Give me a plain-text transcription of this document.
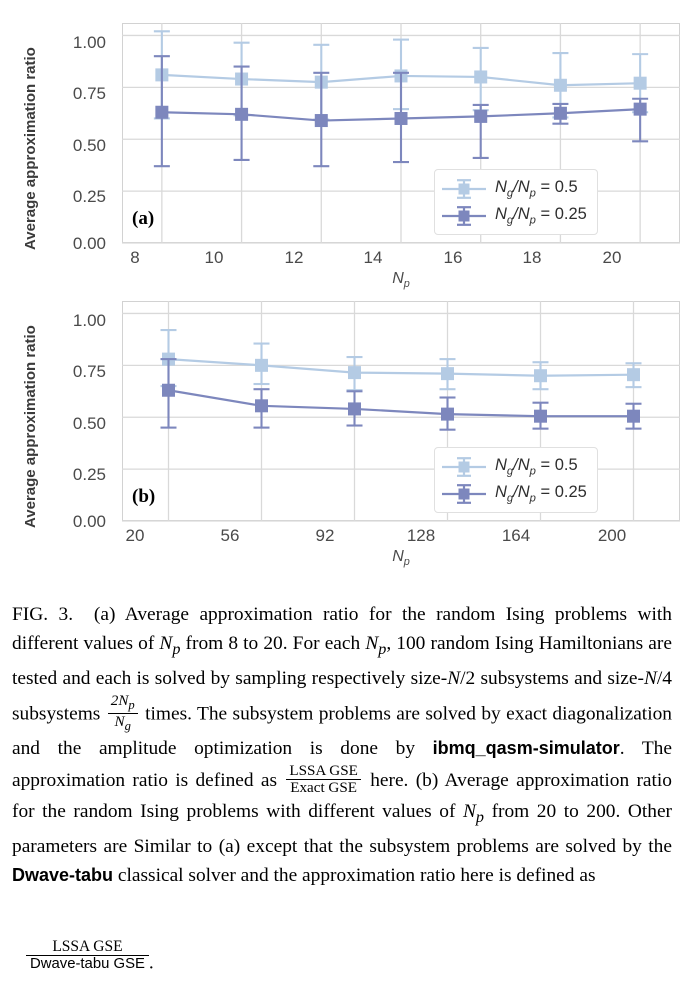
Average approximation ratio
1.00
0.75
0.50
0.25
0.00
(a)
8	10	12	14	16	18	20
$N_p$
$N_g/N_p = 0.5$
$N_g/N_p = 0.25$
Average approximation ratio
1.00
0.75
0.50
0.25
0.00
(b)
20	56	92	128	164	200
$N_p$
$N_g/N_p = 0.5$
$N_g/N_p = 0.25$
FIG. 3. (a) Average approximation ratio for the random Ising problems with different values of $N_p$ from 8 to 20. For each $N_p$, 100 random Ising Hamiltonians are tested and each is solved by sampling respectively size-N/2 subsystems and size-N/4 subsystems $\frac{2N_p}{N_g}$ times. The subsystem problems are solved by exact diagonalization and the amplitude optimization is done by ibmq_qasm-simulator. The approximation ratio is defined as $\frac{\text{LSSA GSE}}{\text{Exact GSE}}$ here. (b) Average approximation ratio for the random Ising problems with different values of $N_p$ from 20 to 200. Other parameters are Similar to (a) except that the subsystem problems are solved by the Dwave-tabu classical solver and the approximation ratio here is defined as
$\frac{\text{LSSA GSE}}{\text{Dwave-tabu GSE}}$ .
